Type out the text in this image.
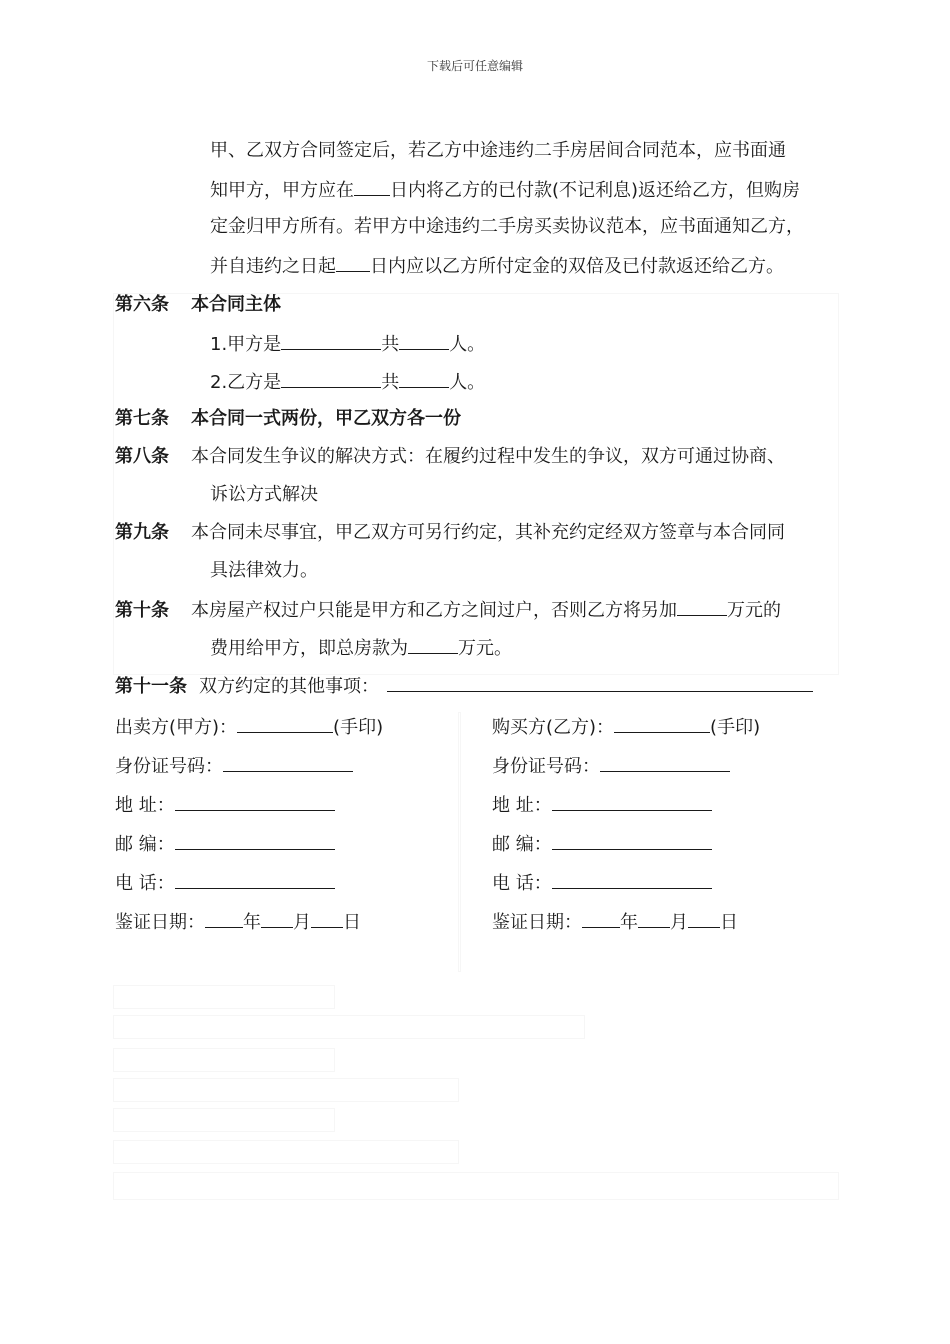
下载后可任意编辑
甲、乙双方合同签定后，若乙方中途违约二手房居间合同范本，应书面通
知甲方，甲方应在 日内将乙方的已付款(不记利息)返还给乙方，但购房
定金归甲方所有。若甲方中途违约二手房买卖协议范本，应书面通知乙方，
并自违约之日起 日内应以乙方所付定金的双倍及已付款返还给乙方。
第六条 本合同主体
1.甲方是	共	人。
2.乙方是	共	人。
第七条 本合同一式两份，甲乙双方各一份
第八条 本合同发生争议的解决方式：在履约过程中发生的争议，双方可通过协商、
诉讼方式解决
第九条 本合同未尽事宜，甲乙双方可另行约定，其补充约定经双方签章与本合同同
具法律效力。
第十条 本房屋产权过户只能是甲方和乙方之间过户，否则乙方将另加	万元的
费用给甲方，即总房款为	万元。
第十一条 双方约定的其他事项：
出卖方(甲方)：	(手印)
身份证号码：
地 址：
邮 编：
电 话：
鉴证日期： 年 月 日
购买方(乙方)：	(手印)
身份证号码：
地 址：
邮 编：
电 话：
鉴证日期： 年 月 日
